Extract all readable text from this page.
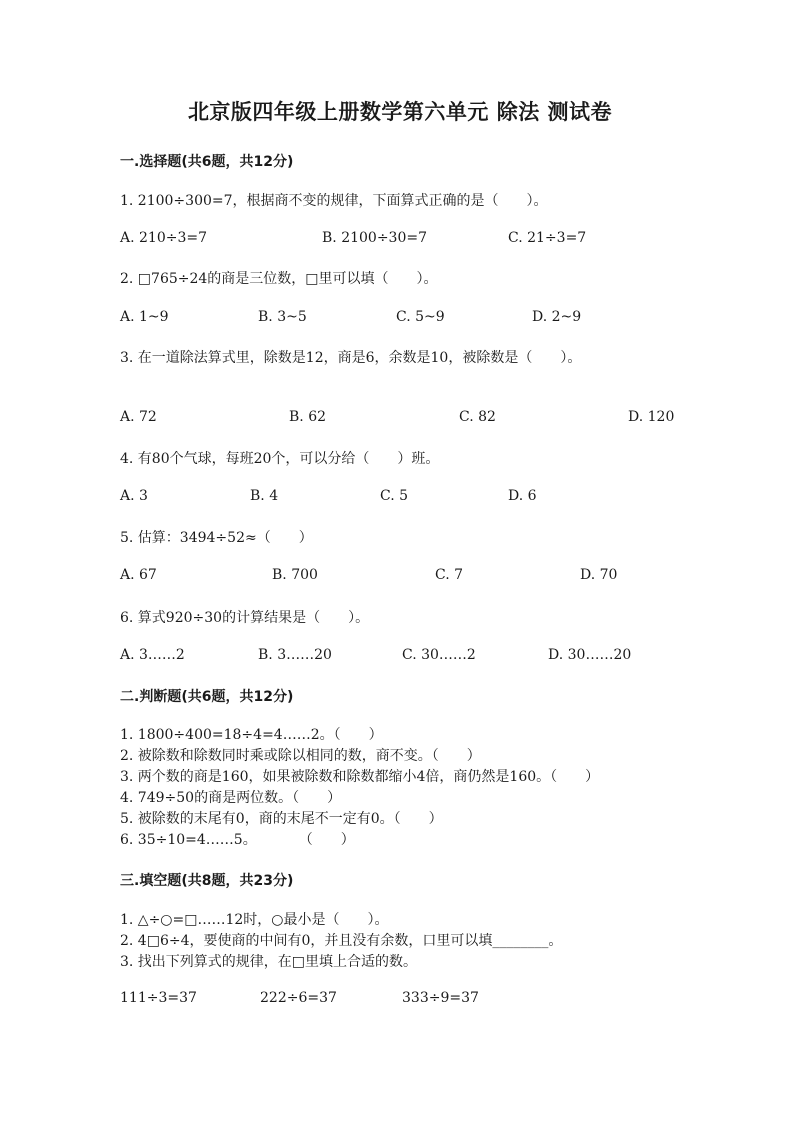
北京版四年级上册数学第六单元 除法 测试卷
一.选择题(共6题，共12分)
1. 2100÷300=7，根据商不变的规律，下面算式正确的是（　　）。
A. 210÷3=7	B. 2100÷30=7	C. 21÷3=7
2. □765÷24的商是三位数，□里可以填（　　）。
A. 1~9	B. 3~5	C. 5~9	D. 2~9
3. 在一道除法算式里，除数是12，商是6，余数是10，被除数是（　　）。
A. 72	B. 62	C. 82	D. 120
4. 有80个气球，每班20个，可以分给（　　）班。
A. 3	B. 4	C. 5	D. 6
5. 估算：3494÷52≈（　　）
A. 67	B. 700	C. 7	D. 70
6. 算式920÷30的计算结果是（　　）。
A. 3……2	B. 3……20	C. 30……2	D. 30……20
二.判断题(共6题，共12分)
1. 1800÷400=18÷4=4……2。（　　）
2. 被除数和除数同时乘或除以相同的数，商不变。（　　）
3. 两个数的商是160，如果被除数和除数都缩小4倍，商仍然是160。（　　）
4. 749÷50的商是两位数。（　　）
5. 被除数的末尾有0，商的末尾不一定有0。（　　）
6. 35÷10=4……5。　　　　（　　）
三.填空题(共8题，共23分)
1. △÷○=□……12时，○最小是（　　）。
2. 4□6÷4，要使商的中间有0，并且没有余数，口里可以填________。
3. 找出下列算式的规律，在□里填上合适的数。
111÷3=37	222÷6=37	333÷9=37
